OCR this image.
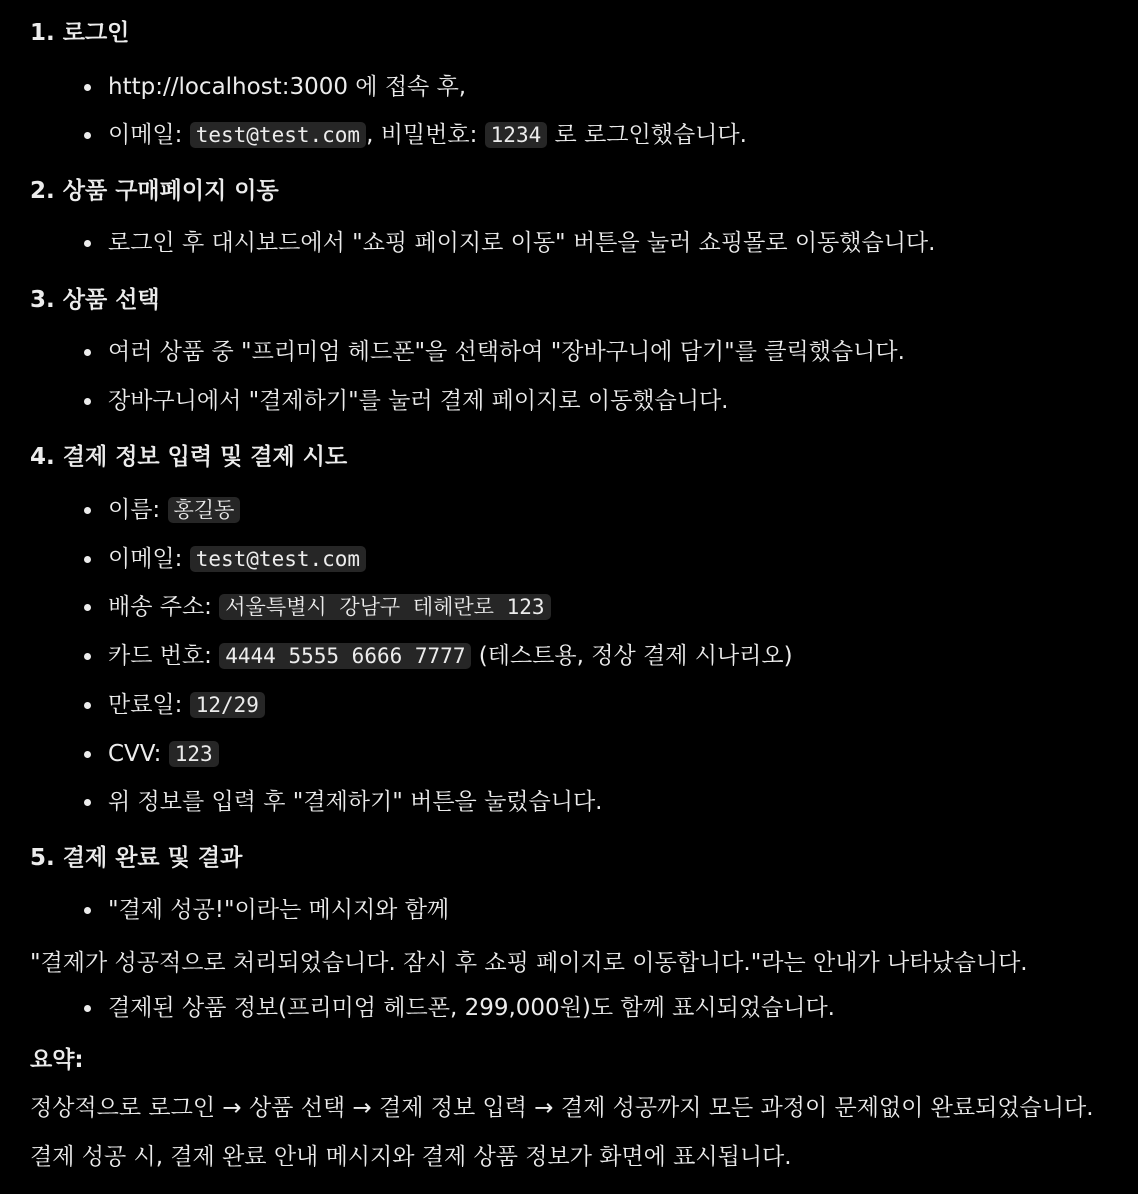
1. 로그인
http://localhost:3000 에 접속 후,
이메일: test@test.com , 비밀번호: 1234 로 로그인했습니다.
2. 상품 구매페이지 이동
로그인 후 대시보드에서 "쇼핑 페이지로 이동" 버튼을 눌러 쇼핑몰로 이동했습니다.
3. 상품 선택
여러 상품 중 "프리미엄 헤드폰"을 선택하여 "장바구니에 담기"를 클릭했습니다.
장바구니에서 "결제하기"를 눌러 결제 페이지로 이동했습니다.
4. 결제 정보 입력 및 결제 시도
이름: 홍길동
이메일: test@test.com
배송 주소: 서울특별시 강남구 테헤란로 123
카드 번호: 4444 5555 6666 7777 (테스트용, 정상 결제 시나리오)
만료일: 12/29
CVV: 123
위 정보를 입력 후 "결제하기" 버튼을 눌렀습니다.
5. 결제 완료 및 결과
"결제 성공!"이라는 메시지와 함께
"결제가 성공적으로 처리되었습니다. 잠시 후 쇼핑 페이지로 이동합니다."라는 안내가 나타났습니다.
결제된 상품 정보(프리미엄 헤드폰, 299,000원)도 함께 표시되었습니다.
요약:
정상적으로 로그인 → 상품 선택 → 결제 정보 입력 → 결제 성공까지 모든 과정이 문제없이 완료되었습니다.
결제 성공 시, 결제 완료 안내 메시지와 결제 상품 정보가 화면에 표시됩니다.
